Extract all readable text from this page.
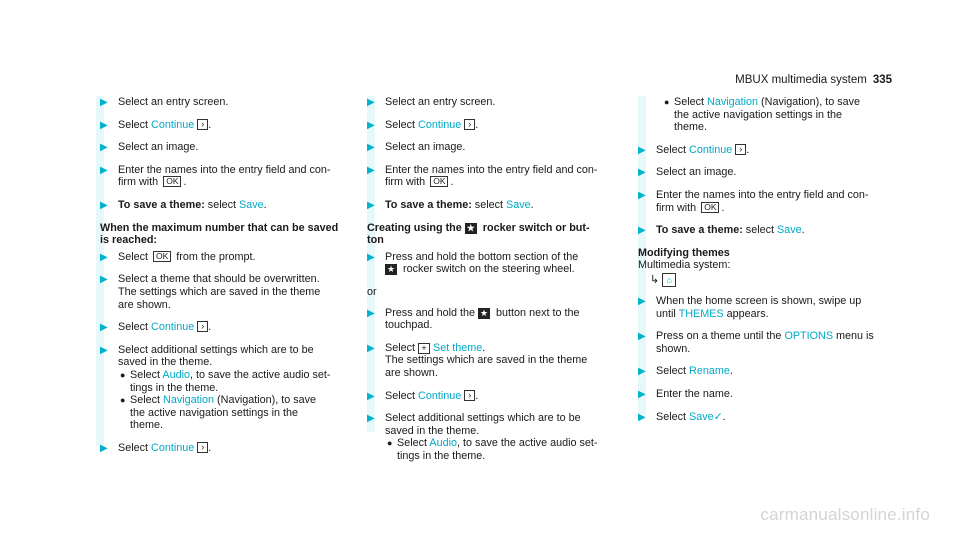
MBUX multimedia system 335
▶ Select an entry screen.
▶ Select Continue › .
▶ Select an image.
▶ Enter the names into the entry field and con-
firm with OK .
▶ To save a theme: select Save.
When the maximum number that can be saved is reached:
▶ Select OK from the prompt.
▶ Select a theme that should be overwritten.
The settings which are saved in the theme
are shown.
▶ Select Continue › .
▶ Select additional settings which are to be
saved in the theme.
● Select Audio, to save the active audio set-
tings in the theme.
● Select Navigation (Navigation), to save
the active navigation settings in the
theme.
▶ Select Continue › .
▶ Select an entry screen.
▶ Select Continue › .
▶ Select an image.
▶ Enter the names into the entry field and con-
firm with OK .
▶ To save a theme: select Save.
Creating using the ★ rocker switch or but-
ton
▶ Press and hold the bottom section of the
★ rocker switch on the steering wheel.
or
▶ Press and hold the ★ button next to the
touchpad.
▶ Select + Set theme.
The settings which are saved in the theme
are shown.
▶ Select Continue › .
▶ Select additional settings which are to be
saved in the theme.
● Select Audio, to save the active audio set-
tings in the theme.
● Select Navigation (Navigation), to save
the active navigation settings in the
theme.
▶ Select Continue › .
▶ Select an image.
▶ Enter the names into the entry field and con-
firm with OK .
▶ To save a theme: select Save.
Modifying themes
Multimedia system:
↳ ⌂
▶ When the home screen is shown, swipe up
until THEMES appears.
▶ Press on a theme until the OPTIONS menu is
shown.
▶ Select Rename.
▶ Enter the name.
▶ Select Save✓.
carmanualsonline.info
